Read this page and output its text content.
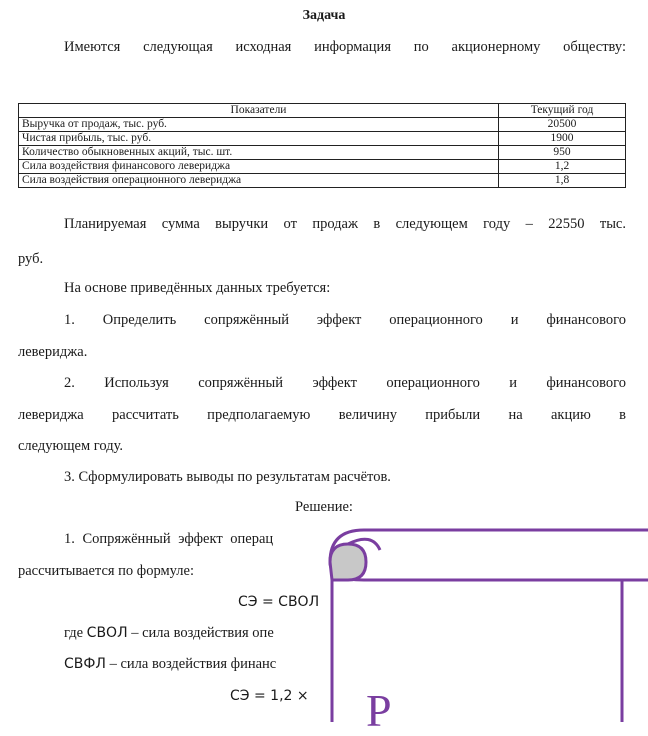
Задача
Имеются следующая исходная информация по акционерному обществу:
Показатели	Текущий год
Выручка от продаж, тыс. руб.	20500
Чистая прибыль, тыс. руб.	1900
Количество обыкновенных акций, тыс. шт.	950
Сила воздействия финансового левериджа	1,2
Сила воздействия операционного левериджа	1,8
Планируемая сумма выручки от продаж в следующем году – 22550 тыс.
руб.
На основе приведённых данных требуется:
1. Определить сопряжённый эффект операционного и финансового
левериджа.
2. Используя сопряжённый эффект операционного и финансового
левериджа рассчитать предполагаемую величину прибыли на акцию в
следующем году.
3. Сформулировать выводы по результатам расчётов.
Решение:
1. Сопряжённый эффект операц
рассчитывается по формуле:
СЭ = СВОЛ
где СВОЛ – сила воздействия опе
СВФЛ – сила воздействия финанс
СЭ = 1,2 × Р
